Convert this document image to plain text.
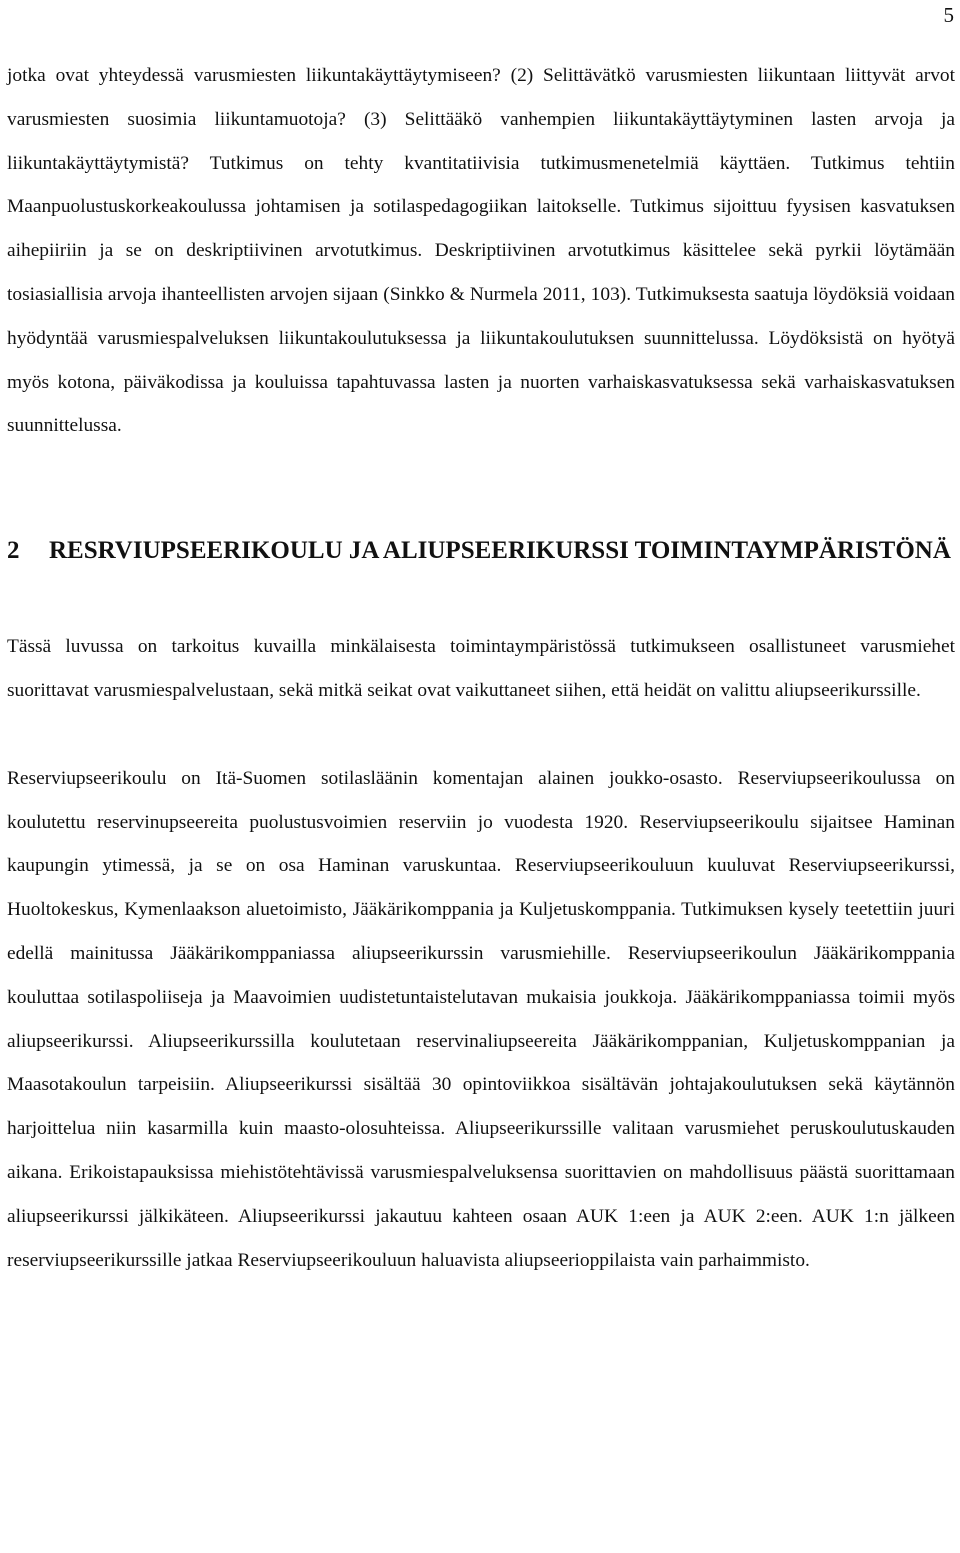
5

jotka ovat yhteydessä varusmiesten liikuntakäyttäytymiseen? (2) Selittävätkö varusmiesten liikuntaan liittyvät arvot varusmiesten suosimia liikuntamuotoja? (3) Selittääkö vanhempien liikuntakäyttäytyminen lasten arvoja ja liikuntakäyttäytymistä? Tutkimus on tehty kvantitatiivisia tutkimusmenetelmiä käyttäen. Tutkimus tehtiin Maanpuolustuskorkeakoulussa johtamisen ja sotilaspedagogiikan laitokselle. Tutkimus sijoittuu fyysisen kasvatuksen aihepiiriin ja se on deskriptiivinen arvotutkimus. Deskriptiivinen arvotutkimus käsittelee sekä pyrkii löytämään tosiasiallisia arvoja ihanteellisten arvojen sijaan (Sinkko & Nurmela 2011, 103). Tutkimuksesta saatuja löydöksiä voidaan hyödyntää varusmiespalveluksen liikuntakoulutuksessa ja liikuntakoulutuksen suunnittelussa. Löydöksistä on hyötyä myös kotona, päiväkodissa ja kouluissa tapahtuvassa lasten ja nuorten varhaiskasvatuksessa sekä varhaiskasvatuksen suunnittelussa.

2	RESRVIUPSEERIKOULU JA ALIUPSEERIKURSSI TOIMINTAYMPÄRISTÖNÄ

Tässä luvussa on tarkoitus kuvailla minkälaisesta toimintaympäristössä tutkimukseen osallistuneet varusmiehet suorittavat varusmiespalvelustaan, sekä mitkä seikat ovat vaikuttaneet siihen, että heidät on valittu aliupseerikurssille.

Reserviupseerikoulu on Itä-Suomen sotilasläänin komentajan alainen joukko-osasto. Reserviupseerikoulussa on koulutettu reservinupseereita puolustusvoimien reserviin jo vuodesta 1920. Reserviupseerikoulu sijaitsee Haminan kaupungin ytimessä, ja se on osa Haminan varuskuntaa. Reserviupseerikouluun kuuluvat Reserviupseerikurssi, Huoltokeskus, Kymenlaakson aluetoimisto, Jääkärikomppania ja Kuljetuskomppania. Tutkimuksen kysely teetettiin juuri edellä mainitussa Jääkärikomppaniassa aliupseerikurssin varusmiehille. Reserviupseerikoulun Jääkärikomppania kouluttaa sotilaspoliiseja ja Maavoimien uudistetuntaistelutavan mukaisia joukkoja. Jääkärikomppaniassa toimii myös aliupseerikurssi. Aliupseerikurssilla koulutetaan reservinaliupseereita Jääkärikomppanian, Kuljetuskomppanian ja Maasotakoulun tarpeisiin. Aliupseerikurssi sisältää 30 opintoviikkoa sisältävän johtajakoulutuksen sekä käytännön harjoittelua niin kasarmilla kuin maasto-olosuhteissa. Aliupseerikurssille valitaan varusmiehet peruskoulutuskauden aikana. Erikoistapauksissa miehistötehtävissä varusmiespalveluksensa suorittavien on mahdollisuus päästä suorittamaan aliupseerikurssi jälkikäteen. Aliupseerikurssi jakautuu kahteen osaan AUK 1:een ja AUK 2:een. AUK 1:n jälkeen reserviupseerikurssille jatkaa Reserviupseerikouluun haluavista aliupseerioppilaista vain parhaimmisto.
